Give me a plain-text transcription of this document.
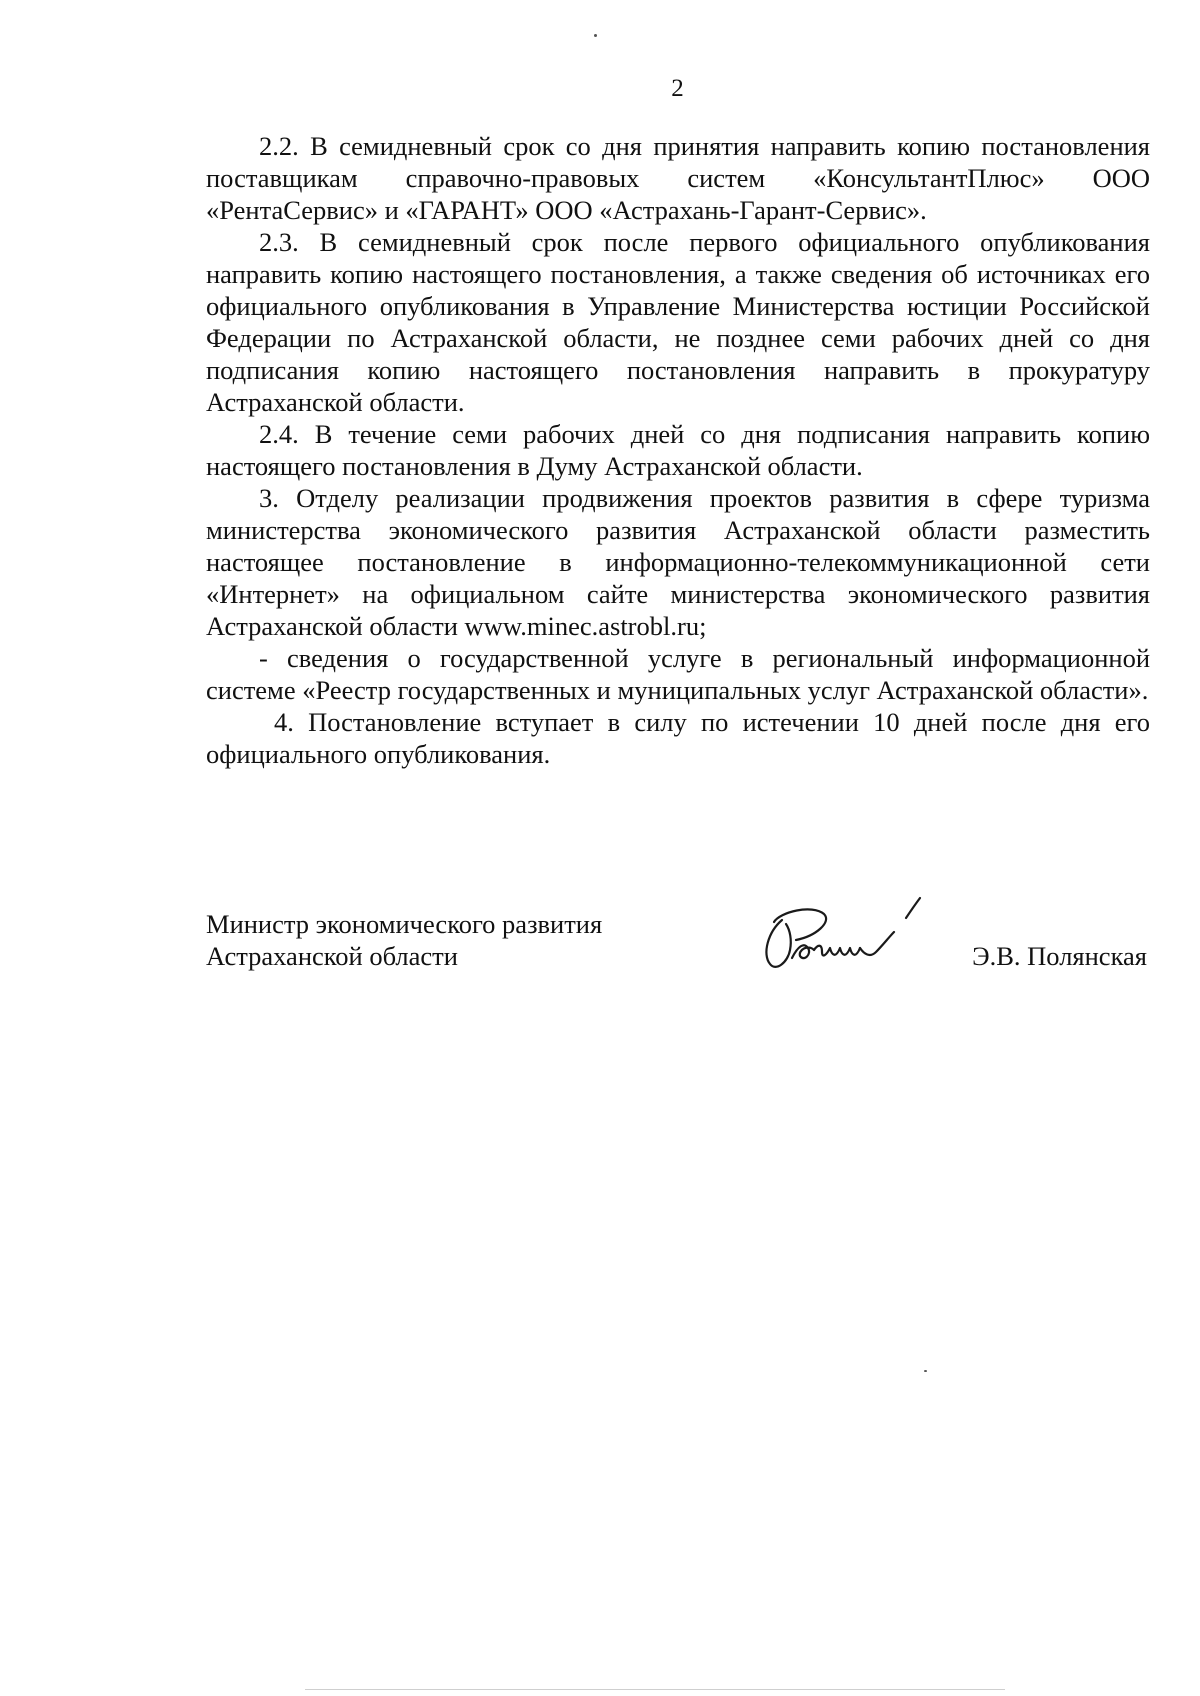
2

2.2. В семидневный срок со дня принятия направить копию постановления поставщикам справочно-правовых систем «КонсультантПлюс» ООО «РентаСервис» и «ГАРАНТ» ООО «Астрахань-Гарант-Сервис».

2.3. В семидневный срок после первого официального опубликования направить копию настоящего постановления, а также сведения об источниках его официального опубликования в Управление Министерства юстиции Российской Федерации по Астраханской области, не позднее семи рабочих дней со дня подписания копию настоящего постановления направить в прокуратуру Астраханской области.

2.4. В течение семи рабочих дней со дня подписания направить копию настоящего постановления в Думу Астраханской области.

3. Отделу реализации продвижения проектов развития в сфере туризма министерства экономического развития Астраханской области разместить настоящее постановление в информационно-телекоммуникационной сети «Интернет» на официальном сайте министерства экономического развития Астраханской области www.minec.astrobl.ru;

- сведения о государственной услуге в региональный информационной системе «Реестр государственных и муниципальных услуг Астраханской области».

4. Постановление вступает в силу по истечении 10 дней после дня его официального опубликования.

Министр экономического развития
Астраханской области	Э.В. Полянская
